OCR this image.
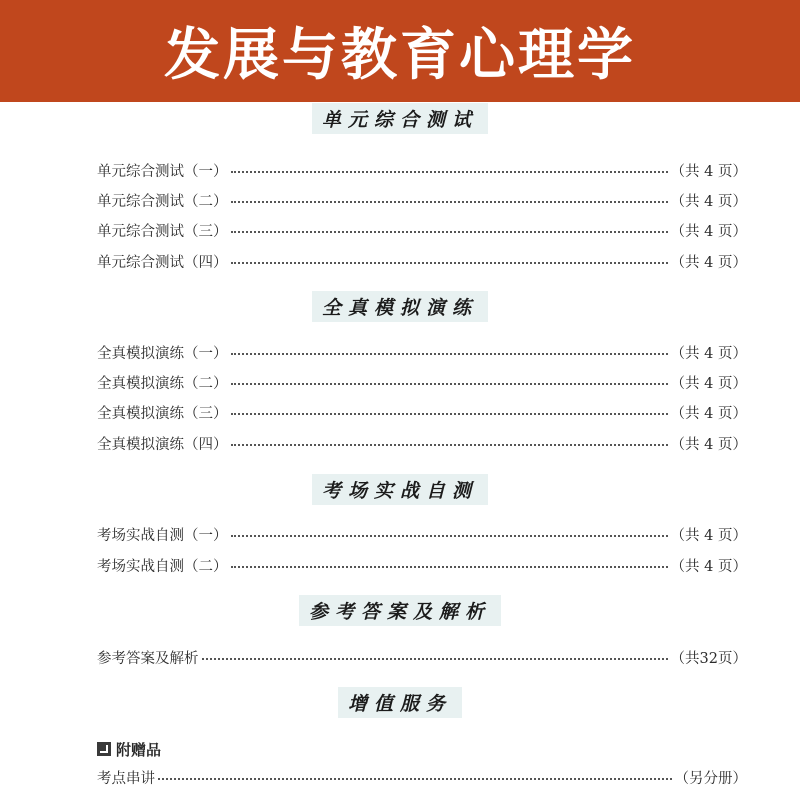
发展与教育心理学
单元综合测试
单元综合测试（一）	（共 4 页）
单元综合测试（二）	（共 4 页）
单元综合测试（三）	（共 4 页）
单元综合测试（四）	（共 4 页）
全真模拟演练
全真模拟演练（一）	（共 4 页）
全真模拟演练（二）	（共 4 页）
全真模拟演练（三）	（共 4 页）
全真模拟演练（四）	（共 4 页）
考场实战自测
考场实战自测（一）	（共 4 页）
考场实战自测（二）	（共 4 页）
参考答案及解析
参考答案及解析	（共32页）
增值服务
附赠品
考点串讲	（另分册）
